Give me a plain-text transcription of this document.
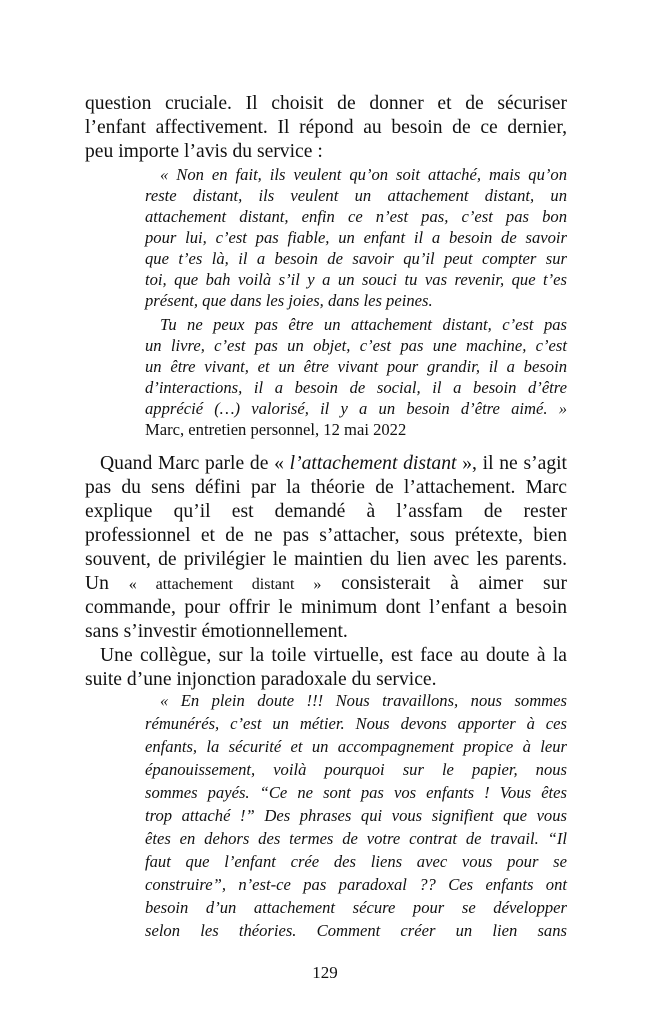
question cruciale. Il choisit de donner et de sécuriser

l’enfant affectivement. Il répond au besoin de ce dernier,

peu importe l’avis du service :

« Non en fait, ils veulent qu’on soit attaché, mais qu’on

reste distant, ils veulent un attachement distant, un

attachement distant, enfin ce n’est pas, c’est pas bon

pour lui, c’est pas fiable, un enfant il a besoin de savoir

que t’es là, il a besoin de savoir qu’il peut compter sur

toi, que bah voilà s’il y a un souci tu vas revenir, que t’es

présent, que dans les joies, dans les peines.

Tu ne peux pas être un attachement distant, c’est pas

un livre, c’est pas un objet, c’est pas une machine, c’est

un être vivant, et un être vivant pour grandir, il a besoin

d’interactions, il a besoin de social, il a besoin d’être

apprécié (…) valorisé, il y a un besoin d’être aimé. »

Marc, entretien personnel, 12 mai 2022

Quand Marc parle de « l’attachement distant », il ne s’agit

pas du sens défini par la théorie de l’attachement. Marc

explique qu’il est demandé à l’assfam de rester

professionnel et de ne pas s’attacher, sous prétexte, bien

souvent, de privilégier le maintien du lien avec les parents.

Un « attachement distant » consisterait à aimer sur

commande, pour offrir le minimum dont l’enfant a besoin

sans s’investir émotionnellement.

Une collègue, sur la toile virtuelle, est face au doute à la

suite d’une injonction paradoxale du service.

« En plein doute !!! Nous travaillons, nous sommes

rémunérés, c’est un métier. Nous devons apporter à ces

enfants, la sécurité et un accompagnement propice à leur

épanouissement, voilà pourquoi sur le papier, nous

sommes payés. “Ce ne sont pas vos enfants ! Vous êtes

trop attaché !” Des phrases qui vous signifient que vous

êtes en dehors des termes de votre contrat de travail. “Il

faut que l’enfant crée des liens avec vous pour se

construire”, n’est-ce pas paradoxal ?? Ces enfants ont

besoin d’un attachement sécure pour se développer

selon les théories. Comment créer un lien sans

129
